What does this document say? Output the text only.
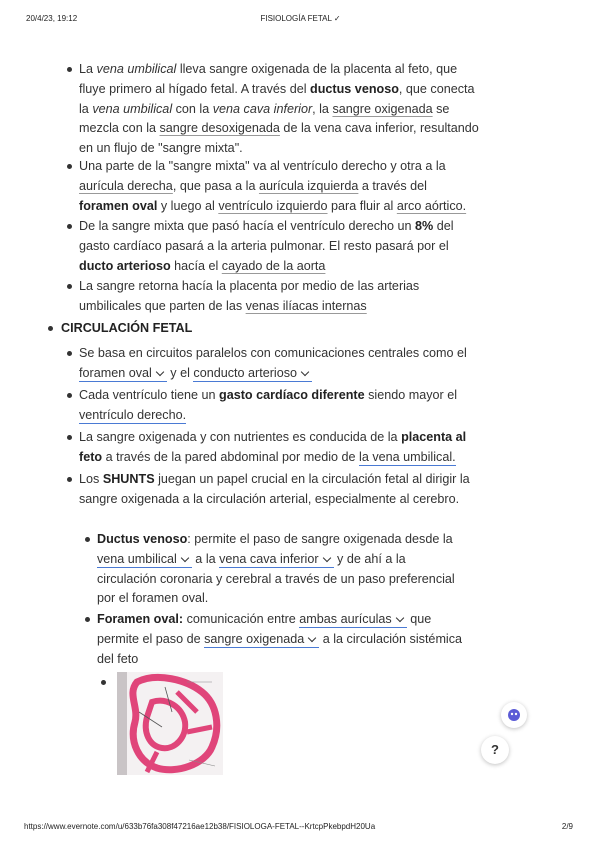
20/4/23, 19:12	FISIOLOGÍA FETAL ✓
La vena umbilical lleva sangre oxigenada de la placenta al feto, que fluye primero al hígado fetal. A través del ductus venoso, que conecta la vena umbilical con la vena cava inferior, la sangre oxigenada se mezcla con la sangre desoxigenada de la vena cava inferior, resultando en un flujo de "sangre mixta".
Una parte de la "sangre mixta" va al ventrículo derecho y otra a la aurícula derecha, que pasa a la aurícula izquierda a través del foramen oval y luego al ventrículo izquierdo para fluir al arco aórtico.
De la sangre mixta que pasó hacía el ventrículo derecho un 8% del gasto cardíaco pasará a la arteria pulmonar. El resto pasará por el ducto arterioso hacía el cayado de la aorta
La sangre retorna hacía la placenta por medio de las arterias umbilicales que parten de las venas ilíacas internas
CIRCULACIÓN FETAL
Se basa en circuitos paralelos con comunicaciones centrales como el foramen oval y el conducto arterioso
Cada ventrículo tiene un gasto cardíaco diferente siendo mayor el ventrículo derecho.
La sangre oxigenada y con nutrientes es conducida de la placenta al feto a través de la pared abdominal por medio de la vena umbilical.
Los SHUNTS juegan un papel crucial en la circulación fetal al dirigir la sangre oxigenada a la circulación arterial, especialmente al cerebro.
Ductus venoso: permite el paso de sangre oxigenada desde la vena umbilical a la vena cava inferior y de ahí a la circulación coronaria y cerebral a través de un paso preferencial por el foramen oval.
Foramen oval: comunicación entre ambas aurículas que permite el paso de sangre oxigenada a la circulación sistémica del feto
?
https://www.evernote.com/u/633b76fa308f47216ae12b38/FISIOLOGA-FETAL--KrtcpPkebpdH20Ua	2/9
